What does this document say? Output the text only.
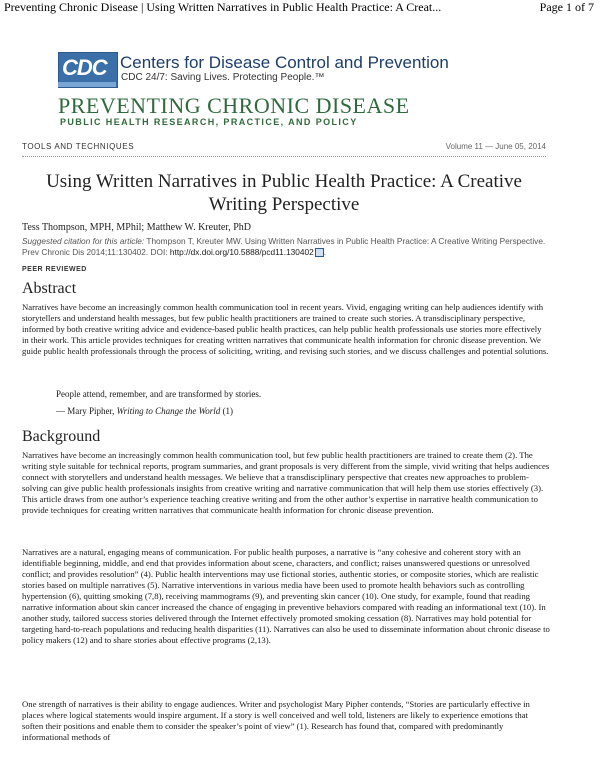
Preventing Chronic Disease | Using Written Narratives in Public Health Practice: A Creat...	Page 1 of 7
CDC Centers for Disease Control and Prevention
CDC 24/7: Saving Lives. Protecting People.™
PREVENTING CHRONIC DISEASE
PUBLIC HEALTH RESEARCH, PRACTICE, AND POLICY
TOOLS AND TECHNIQUES	Volume 11 — June 05, 2014
Using Written Narratives in Public Health Practice: A Creative Writing Perspective
Tess Thompson, MPH, MPhil; Matthew W. Kreuter, PhD
Suggested citation for this article: Thompson T, Kreuter MW. Using Written Narratives in Public Health Practice: A Creative Writing Perspective. Prev Chronic Dis 2014;11:130402. DOI: http://dx.doi.org/10.5888/pcd11.130402 .
PEER REVIEWED
Abstract

Narratives have become an increasingly common health communication tool in recent years. Vivid, engaging writing can help audiences identify with storytellers and understand health messages, but few public health practitioners are trained to create such stories. A transdisciplinary perspective, informed by both creative writing advice and evidence-based public health practices, can help public health professionals use stories more effectively in their work. This article provides techniques for creating written narratives that communicate health information for chronic disease prevention. We guide public health professionals through the process of soliciting, writing, and revising such stories, and we discuss challenges and potential solutions.

People attend, remember, and are transformed by stories.
— Mary Pipher, Writing to Change the World (1)
Background

Narratives have become an increasingly common health communication tool, but few public health practitioners are trained to create them (2). The writing style suitable for technical reports, program summaries, and grant proposals is very different from the simple, vivid writing that helps audiences connect with storytellers and understand health messages. We believe that a transdisciplinary perspective that creates new approaches to problem-solving can give public health professionals insights from creative writing and narrative communication that will help them use stories effectively (3). This article draws from one author’s experience teaching creative writing and from the other author’s expertise in narrative health communication to provide techniques for creating written narratives that communicate health information for chronic disease prevention.

Narratives are a natural, engaging means of communication. For public health purposes, a narrative is “any cohesive and coherent story with an identifiable beginning, middle, and end that provides information about scene, characters, and conflict; raises unanswered questions or unresolved conflict; and provides resolution” (4). Public health interventions may use fictional stories, authentic stories, or composite stories, which are realistic stories based on multiple narratives (5). Narrative interventions in various media have been used to promote health behaviors such as controlling hypertension (6), quitting smoking (7,8), receiving mammograms (9), and preventing skin cancer (10). One study, for example, found that reading narrative information about skin cancer increased the chance of engaging in preventive behaviors compared with reading an informational text (10). In another study, tailored success stories delivered through the Internet effectively promoted smoking cessation (8). Narratives may hold potential for targeting hard-to-reach populations and reducing health disparities (11). Narratives can also be used to disseminate information about chronic disease to policy makers (12) and to share stories about effective programs (2,13).

One strength of narratives is their ability to engage audiences. Writer and psychologist Mary Pipher contends, “Stories are particularly effective in places where logical statements would inspire argument. If a story is well conceived and well told, listeners are likely to experience emotions that soften their positions and enable them to consider the speaker’s point of view” (1). Research has found that, compared with predominantly informational methods of
